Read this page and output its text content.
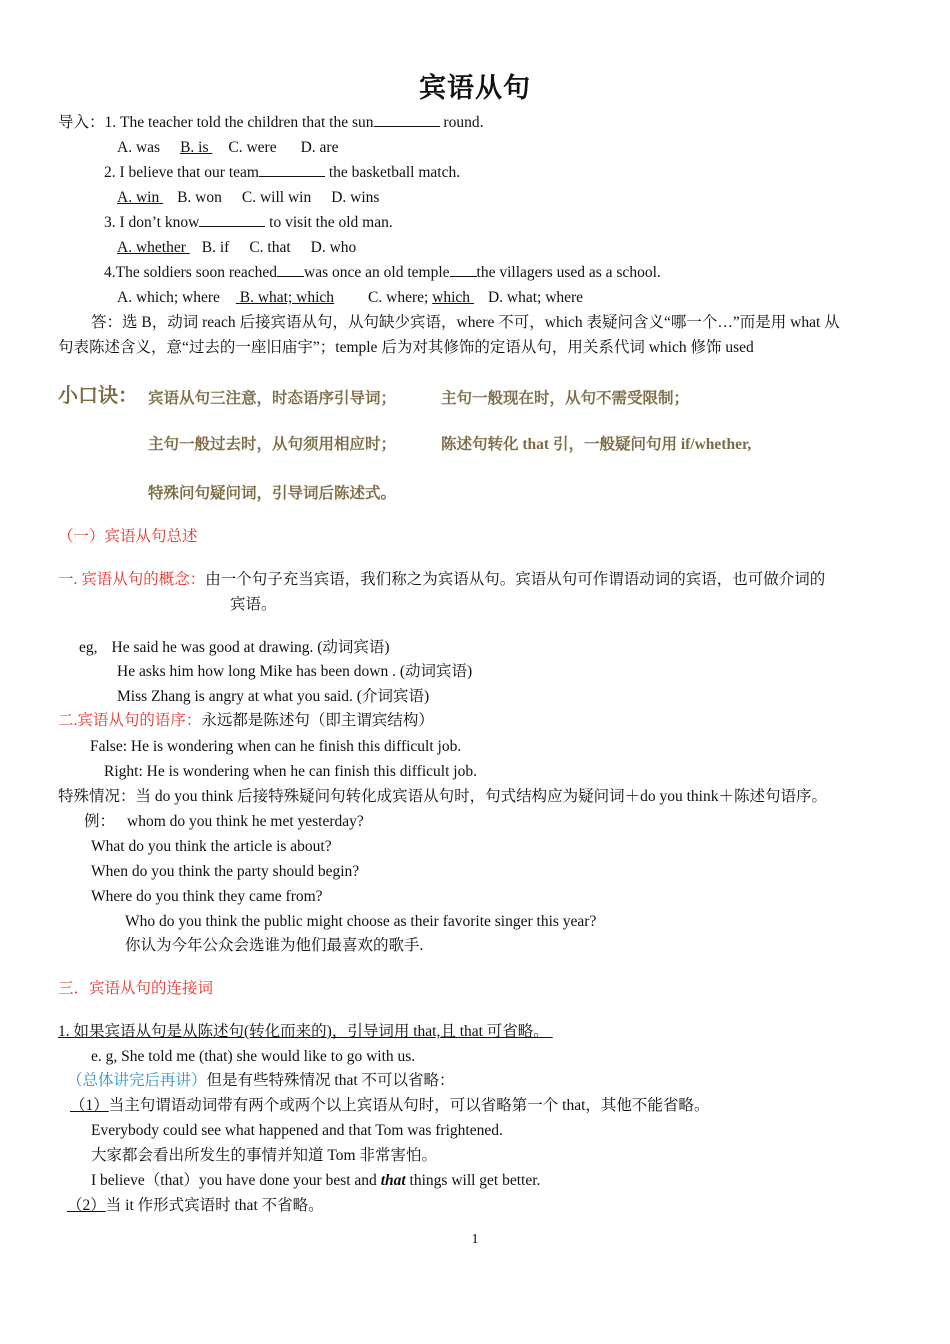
宾语从句
导入：1. The teacher told the children that the sun	round.
A. was B. is C. were D. are
2. I believe that our team	the basketball match.
A. win B. won C. will win D. wins
3. I don’t know	to visit the old man.
A. whether B. if C. that D. who
4.The soldiers soon reached was once an old temple the villagers used as a school.
A. which; where B. what; which C. where; which D. what; where
答：选 B，动词 reach 后接宾语从句，从句缺少宾语，where 不可，which 表疑问含义“哪一个…”而是用 what 从
句表陈述含义，意“过去的一座旧庙宇”；temple 后为对其修饰的定语从句，用关系代词 which 修饰 used
小口诀： 宾语从句三注意，时态语序引导词；	主句一般现在时，从句不需受限制；
主句一般过去时，从句须用相应时；	陈述句转化 that 引，一般疑问句用 if/whether,
特殊问句疑问词，引导词后陈述式。
（一）宾语从句总述
一. 宾语从句的概念：由一个句子充当宾语，我们称之为宾语从句。宾语从句可作谓语动词的宾语，也可做介词的
宾语。
eg, He said he was good at drawing. (动词宾语)
He asks him how long Mike has been down . (动词宾语)
Miss Zhang is angry at what you said. (介词宾语)
二.宾语从句的语序：永远都是陈述句（即主谓宾结构）
False: He is wondering when can he finish this difficult job.
Right: He is wondering when he can finish this difficult job.
特殊情况：当 do you think 后接特殊疑问句转化成宾语从句时，句式结构应为疑问词＋do you think＋陈述句语序。
例： whom do you think he met yesterday?
What do you think the article is about?
When do you think the party should begin?
Where do you think they came from?
Who do you think the public might choose as their favorite singer this year?
你认为今年公众会选谁为他们最喜欢的歌手.
三．宾语从句的连接词
1. 如果宾语从句是从陈述句(转化而来的)，引导词用 that,且 that 可省略。
e. g, She told me (that) she would like to go with us.
（总体讲完后再讲）但是有些特殊情况 that 不可以省略：
（1）当主句谓语动词带有两个或两个以上宾语从句时，可以省略第一个 that，其他不能省略。
Everybody could see what happened and that Tom was frightened.
大家都会看出所发生的事情并知道 Tom 非常害怕。
I believe（that）you have done your best and that things will get better.
（2）当 it 作形式宾语时 that 不省略。
1
